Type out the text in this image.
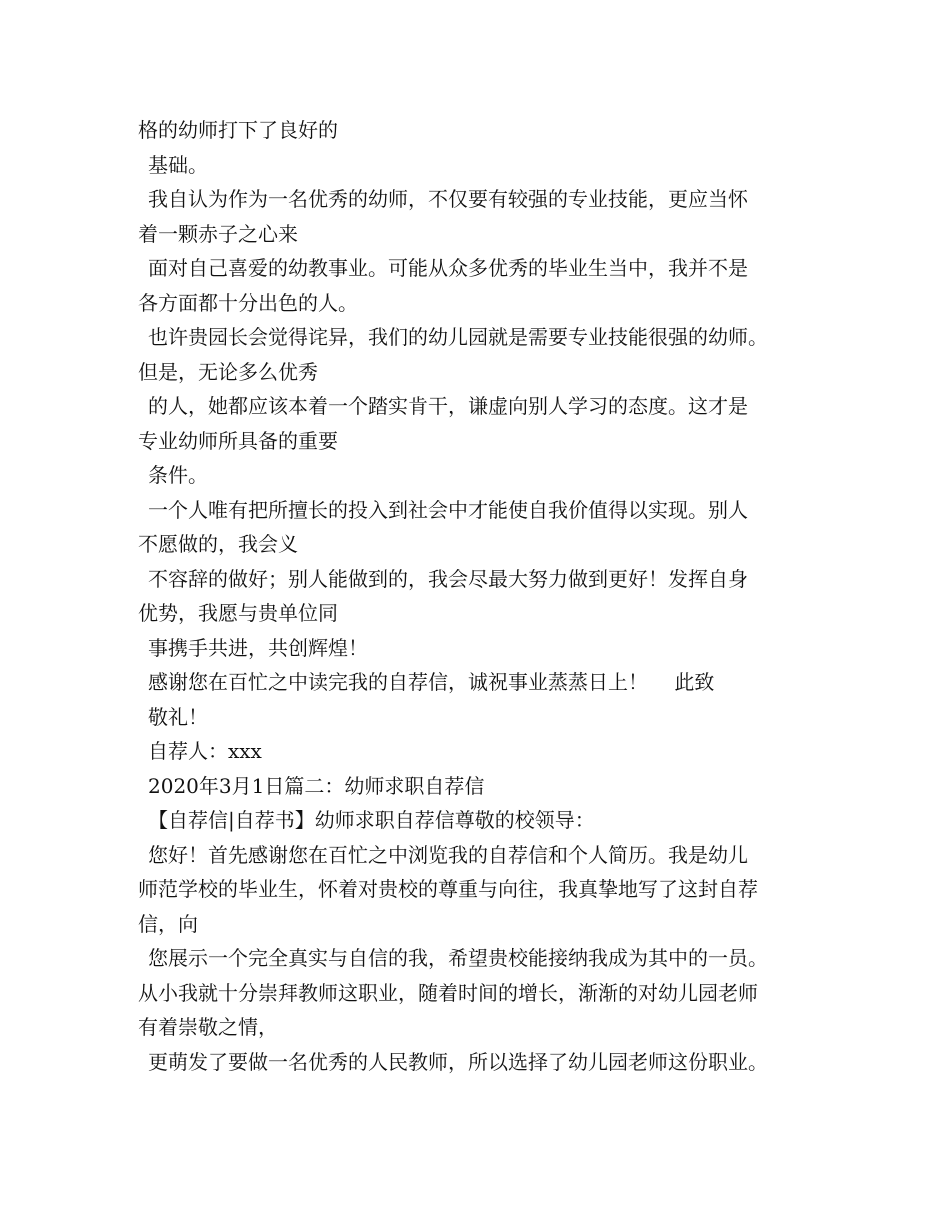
格的幼师打下了良好的
基础。
我自认为作为一名优秀的幼师，不仅要有较强的专业技能，更应当怀
着一颗赤子之心来
面对自己喜爱的幼教事业。可能从众多优秀的毕业生当中，我并不是
各方面都十分出色的人。
也许贵园长会觉得诧异，我们的幼儿园就是需要专业技能很强的幼师。
但是，无论多么优秀
的人，她都应该本着一个踏实肯干，谦虚向别人学习的态度。这才是
专业幼师所具备的重要
条件。
一个人唯有把所擅长的投入到社会中才能使自我价值得以实现。别人
不愿做的，我会义
不容辞的做好；别人能做到的，我会尽最大努力做到更好！发挥自身
优势，我愿与贵单位同
事携手共进，共创辉煌！
感谢您在百忙之中读完我的自荐信，诚祝事业蒸蒸日上！　 此致
敬礼！
自荐人：xxx
2020年3月1日篇二：幼师求职自荐信
【自荐信|自荐书】幼师求职自荐信尊敬的校领导：
您好！首先感谢您在百忙之中浏览我的自荐信和个人简历。我是幼儿
师范学校的毕业生，怀着对贵校的尊重与向往，我真挚地写了这封自荐
信，向
您展示一个完全真实与自信的我，希望贵校能接纳我成为其中的一员。
从小我就十分崇拜教师这职业，随着时间的增长，渐渐的对幼儿园老师
有着崇敬之情，
更萌发了要做一名优秀的人民教师，所以选择了幼儿园老师这份职业。
